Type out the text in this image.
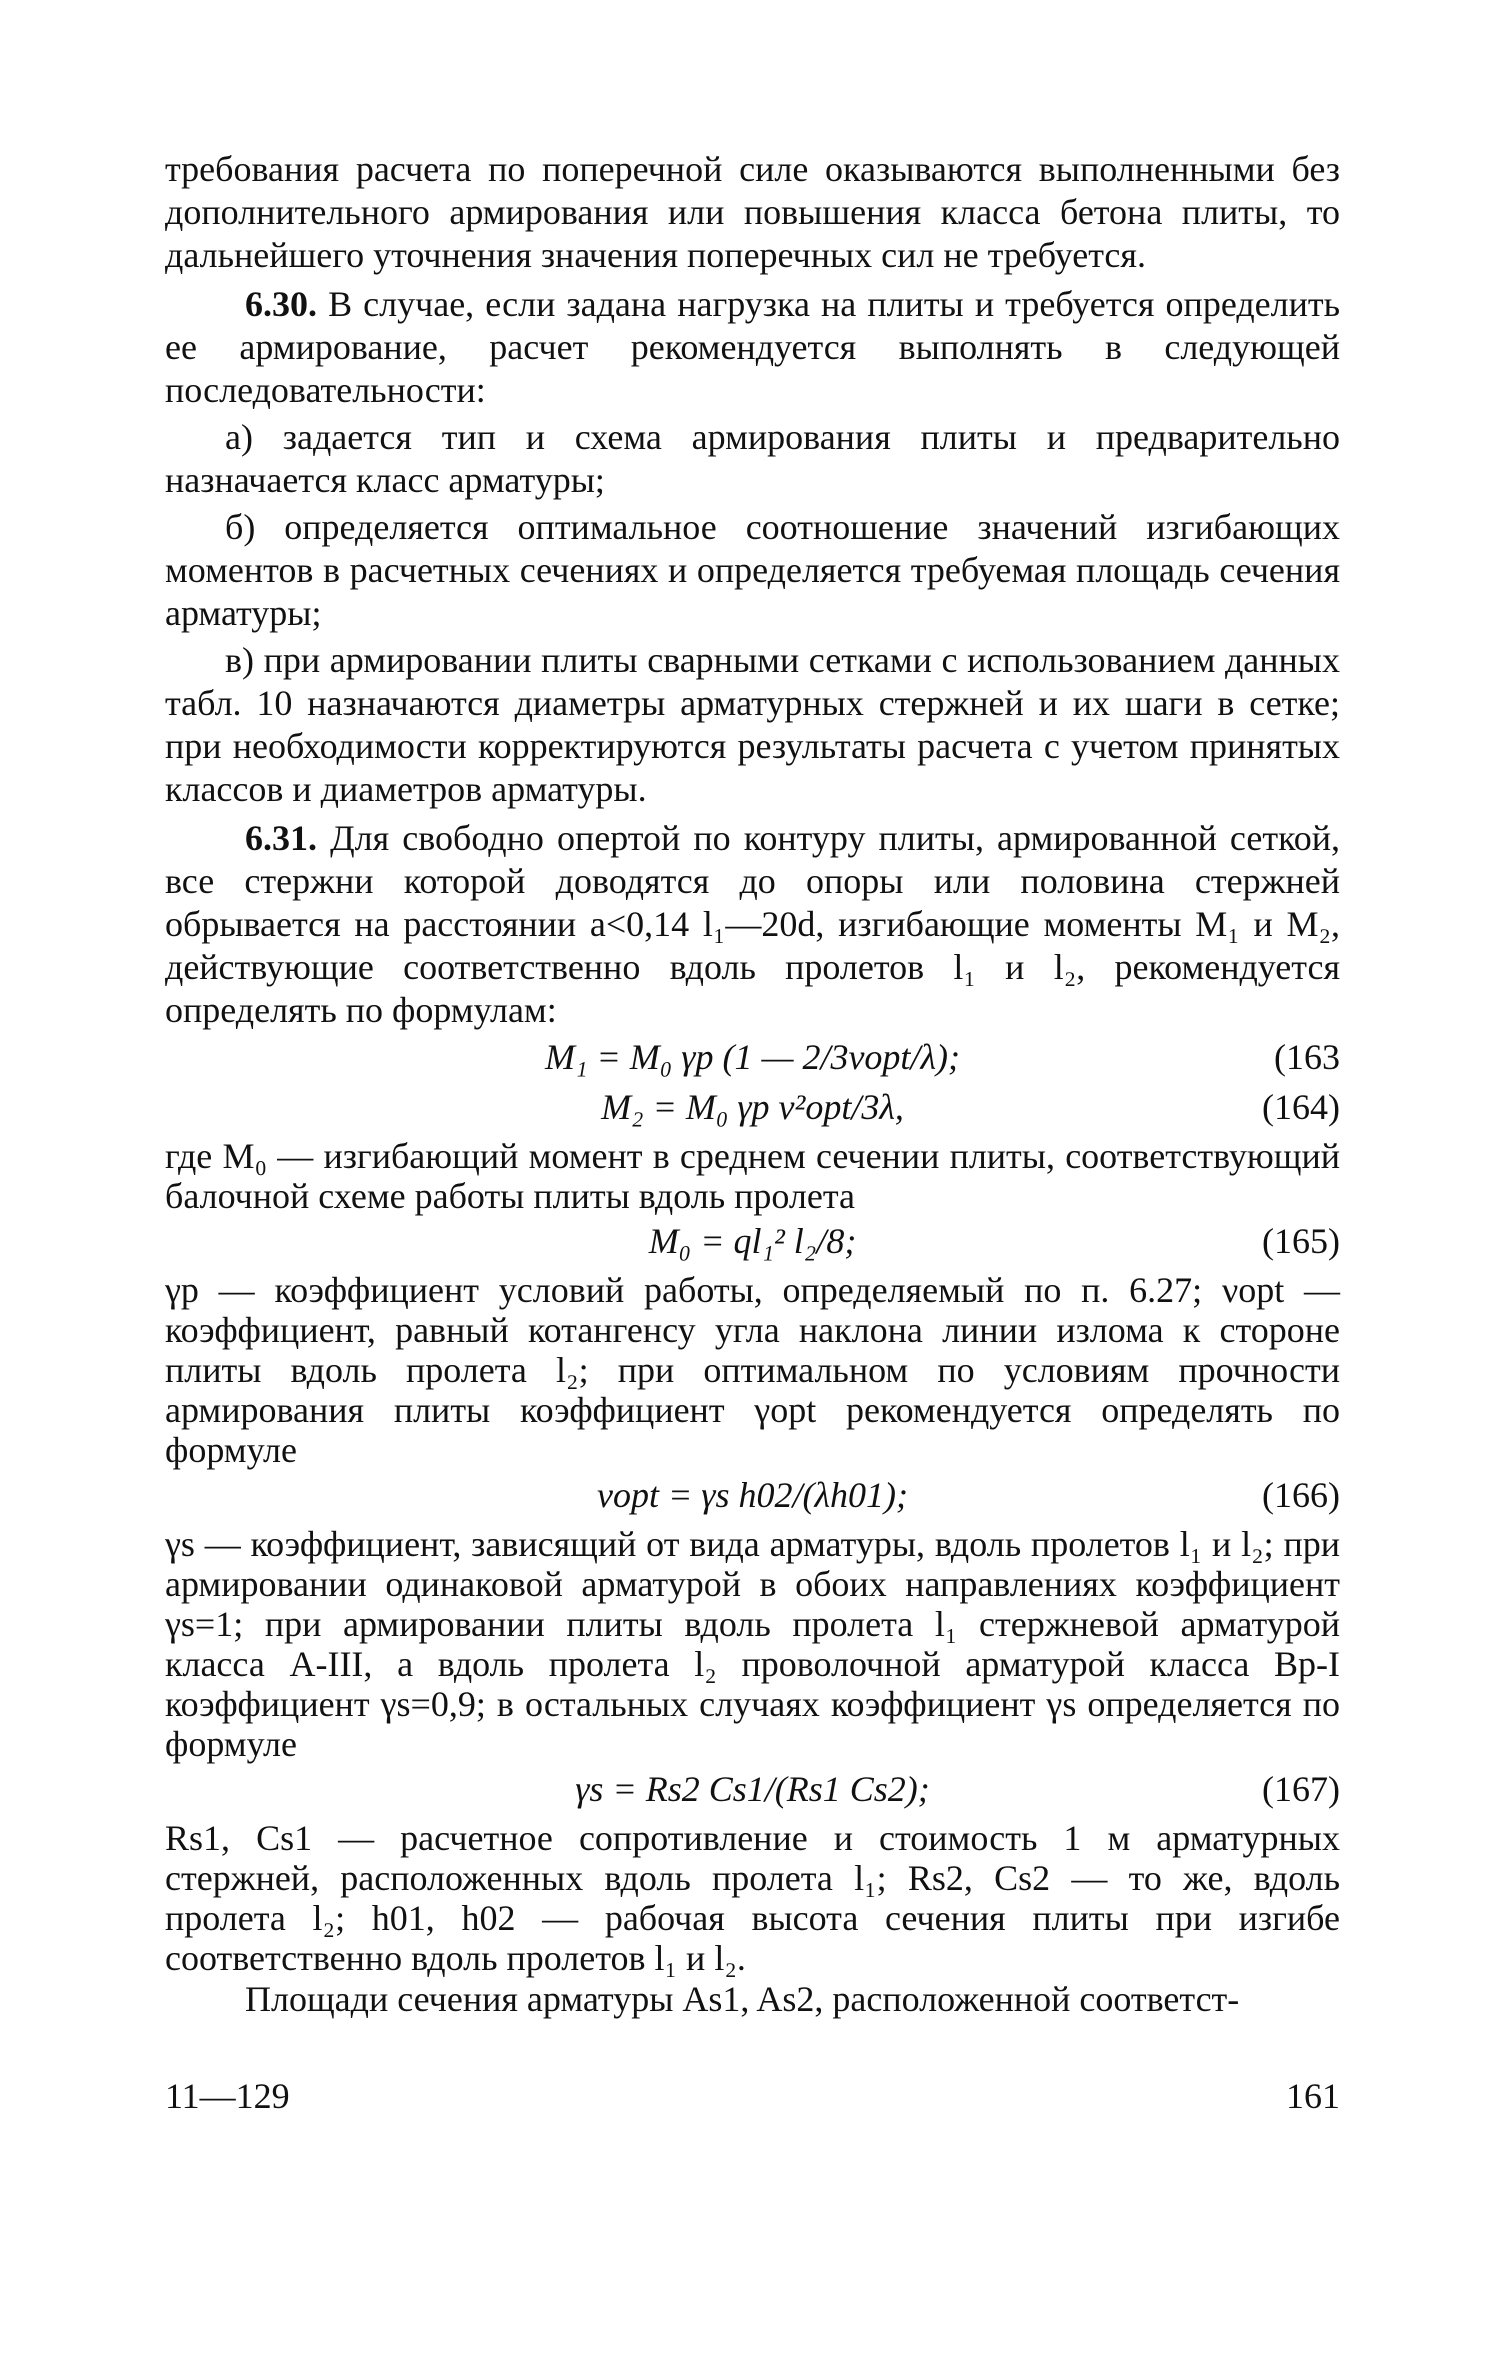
требования расчета по поперечной силе оказываются выполненными без дополнительного армирования или повышения класса бетона плиты, то дальнейшего уточнения значения поперечных сил не требуется.

6.30. В случае, если задана нагрузка на плиты и требуется определить ее армирование, расчет рекомендуется выполнять в следующей последовательности:

а) задается тип и схема армирования плиты и предварительно назначается класс арматуры;

б) определяется оптимальное соотношение значений изгибающих моментов в расчетных сечениях и определяется требуемая площадь сечения арматуры;

в) при армировании плиты сварными сетками с использованием данных табл. 10 назначаются диаметры арматурных стержней и их шаги в сетке; при необходимости корректируются результаты расчета с учетом принятых классов и диаметров арматуры.

6.31. Для свободно опертой по контуру плиты, армированной сеткой, все стержни которой доводятся до опоры или половина стержней обрывается на расстоянии a<0,14 l₁—20d, изгибающие моменты M₁ и M₂, действующие соответственно вдоль пролетов l₁ и l₂, рекомендуется определять по формулам:

M₁ = M₀ γp (1 — 2/3νopt/λ);	(163
M₂ = M₀ γp ν²opt/3λ,	(164)

где M₀ — изгибающий момент в среднем сечении плиты, соответствующий балочной схеме работы плиты вдоль пролета

M₀ = ql₁² l₂/8;	(165)

γp — коэффициент условий работы, определяемый по п. 6.27; νopt — коэффициент, равный котангенсу угла наклона линии излома к стороне плиты вдоль пролета l₂; при оптимальном по условиям прочности армирования плиты коэффициент γopt рекомендуется определять по формуле

νopt = γs h02/(λh01);	(166)

γs — коэффициент, зависящий от вида арматуры, вдоль пролетов l₁ и l₂; при армировании одинаковой арматурой в обоих направлениях коэффициент γs=1; при армировании плиты вдоль пролета l₁ стержневой арматурой класса А-III, а вдоль пролета l₂ проволочной арматурой класса Вр-I коэффициент γs=0,9; в остальных случаях коэффициент γs определяется по формуле

γs = Rs2 Cs1/(Rs1 Cs2);	(167)

Rs1, Cs1 — расчетное сопротивление и стоимость 1 м арматурных стержней, расположенных вдоль пролета l₁; Rs2, Cs2 — то же, вдоль пролета l₂; h01, h02 — рабочая высота сечения плиты при изгибе соответственно вдоль пролетов l₁ и l₂.

Площади сечения арматуры As1, As2, расположенной соответст-

11—129	161
